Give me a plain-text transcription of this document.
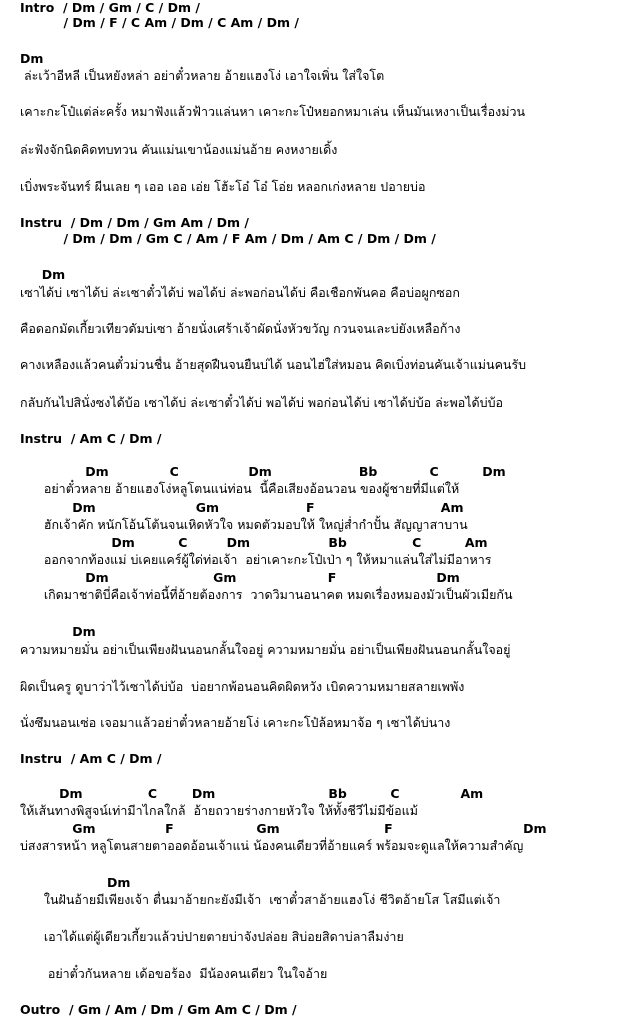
Intro  / Dm / Gm / C / Dm /
/ Dm / F / C Am / Dm / C Am / Dm /
Dm
ล่ะเว้าอีหลี เป็นหยังหล่า อย่าตั๋วหลาย อ้ายแฮงโง่ เอาใจเพิ่น ใส่ใจโต
เคาะกะโป๋แต่ล่ะครั้ง หมาฟังแล้วฟ้าวแล่นหา เคาะกะโป๋หยอกหมาเล่น เห็นมันเหงาเป็นเรื่องม่วน
ล่ะฟังจักนิดคิดทบทวน คันแม่นเขาน้องแม่นอ้าย คงหงายเดิ้ง
เบิ่งพระจันทร์ ผีนเลย ๆ เออ เออ เอ่ย โฮ้ะโอ๋ โอ๋ โอ่ย หลอกเก่งหลาย ปอายบ่อ
Instru  / Dm / Dm / Gm Am / Dm /
/ Dm / Dm / Gm C / Am / F Am / Dm / Am C / Dm / Dm /
Dm
เซาได้บ่ เซาได้บ่ ล่ะเซาตั๋วได้บ่ พอได้บ่ ล่ะพอก่อนได้บ่ คือเชือกพันคอ คือบ่อผูกซอก
คือดอกมัดเกี้ยวเทียวดัมบ่เซา อ้ายนั่งเศร้าเจ้าผัดนั่งหัวขวัญ กวนจนเละบ่ยังเหลือก้าง
คางเหลืองแล้วคนตั๋วม่วนชื่น อ้ายสุดฝืนจนยืนบ่ได้ นอนไฮ่ใส่หมอน คิดเบิ่งท่อนคันเจ้าแม่นคนรับ
กลับกันไปสินั่งซงได้บ้อ เซาได้บ่ ล่ะเซาตั๋วได้บ่ พอได้บ่ พอก่อนได้บ่ เซาได้บ่บ้อ ล่ะพอได้บ่บ้อ
Instru  / Am C / Dm /
Dm              C                Dm                    Bb            C          Dm
อย่าตั๋วหลาย อ้ายแฮงโง่หลูโตนแน่ท่อน  นี้คือเสียงอ้อนวอน ของผู้ชายที่มีแต่ให้
Dm                       Gm                    F                             Am
ฮักเจ้าคัก หนักโอ้นโต้นจนเหิดหัวใจ หมดตัวมอบให้ ใหญ่ส่ำกำปั้น สัญญาสาบาน
Dm          C         Dm                  Bb               C          Am
ออกจากท้องแม่ บ่เคยแคร์ผู้ใด่ท่อเจ้า  อย่าเคาะกะโป๋เป่า ๆ ให้หมาแล่นใส่ไม่มีอาหาร
Dm                        Gm                     F                       Dm
เกิดมาชาติบี่คือเจ้าท่อนี้ที่อ้ายต้องการ  วาดวิมานอนาคต หมดเรื่องหมองมัวเป็นผัวเมียกัน
Dm
ความหมายมั่น อย่าเป็นเพียงฝันนอนกลั้นใจอยู่ ความหมายมั่น อย่าเป็นเพียงฝันนอนกลั้นใจอยู่
ผิดเป็นครู ดูบาว่าไว้เซาได้บ่บ้อ  บ่อยากพ้อนอนคิดผิดหวัง เบิดความหมายสลายเพพัง
นั่งซึมนอนเซ่อ เจอมาแล้วอย่าตั๋วหลายอ้ายโง่ เคาะกะโป๋ล้อหมาจ้อ ๆ เซาได้บ่นาง
Instru  / Am C / Dm /
Dm               C        Dm                          Bb          C              Am
ให้เส้นทางพิสูจน์เท่ามีาไกลใกล้  อ้ายถวายร่างกายหัวใจ ให้ทั้งชีวีไม่มีข้อแม้
Gm                F                   Gm                        F                              Dm
บ่สงสารหน้า หลูโตนสายตาออดอ้อนเจ้าแน่ น้องคนเดียวที่อ้ายแคร์ พร้อมจะดูแลให้ความสำคัญ
Dm
ในฝันอ้ายมีเพียงเจ้า ตื่นมาอ้ายกะยังมีเจ้า  เซาตั๋วสาอ้ายแฮงโง่ ชีวิตอ้ายโส โสมีแต่เจ้า
เอาได้แต่ผู้เดียวเกี้ยวแล้วบ่ปายตายบ่าจังปล่อย สิบ่อยสิดาบ่ลาลืมง่าย
อย่าตั๋วกันหลาย เด้อขอร้อง  มีน้องคนเดียว ในใจอ้าย
Outro  / Gm / Am / Dm / Gm Am C / Dm /
